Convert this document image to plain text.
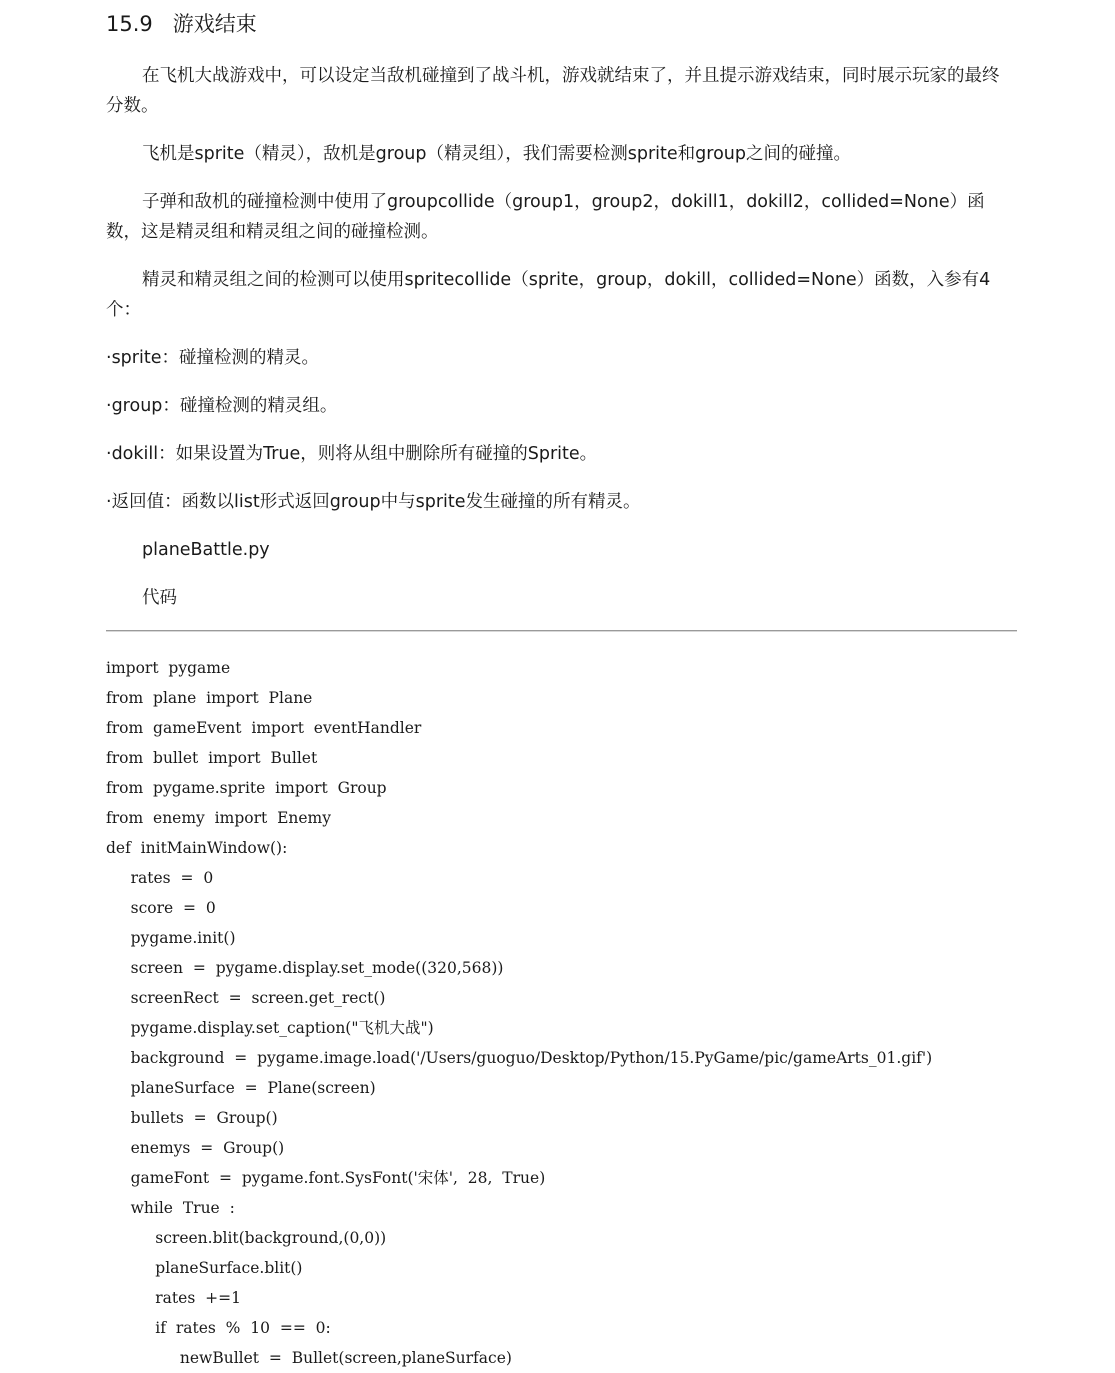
15.9 游戏结束

在飞机大战游戏中，可以设定当敌机碰撞到了战斗机，游戏就结束了，并且提示游戏结束，同时展示玩家的最终分数。

飞机是sprite（精灵），敌机是group（精灵组），我们需要检测sprite和group之间的碰撞。

子弹和敌机的碰撞检测中使用了groupcollide（group1，group2，dokill1，dokill2，collided=None）函数，这是精灵组和精灵组之间的碰撞检测。

精灵和精灵组之间的检测可以使用spritecollide（sprite，group，dokill，collided=None）函数，入参有4个：

·sprite：碰撞检测的精灵。

·group：碰撞检测的精灵组。

·dokill：如果设置为True，则将从组中删除所有碰撞的Sprite。

·返回值：函数以list形式返回group中与sprite发生碰撞的所有精灵。

planeBattle.py

代码

import  pygame
from  plane  import  Plane
from  gameEvent  import  eventHandler
from  bullet  import  Bullet
from  pygame.sprite  import  Group
from  enemy  import  Enemy
def  initMainWindow():
rates  =  0
score  =  0
pygame.init()
screen  =  pygame.display.set_mode((320,568))
screenRect  =  screen.get_rect()
pygame.display.set_caption("飞机大战")
background  =  pygame.image.load('/Users/guoguo/Desktop/Python/15.PyGame/pic/gameArts_01.gif')
planeSurface  =  Plane(screen)
bullets  =  Group()
enemys  =  Group()
gameFont  =  pygame.font.SysFont('宋体',  28,  True)
while  True  :
screen.blit(background,(0,0))
planeSurface.blit()
rates  +=1
if  rates  %  10  ==  0:
newBullet  =  Bullet(screen,planeSurface)
